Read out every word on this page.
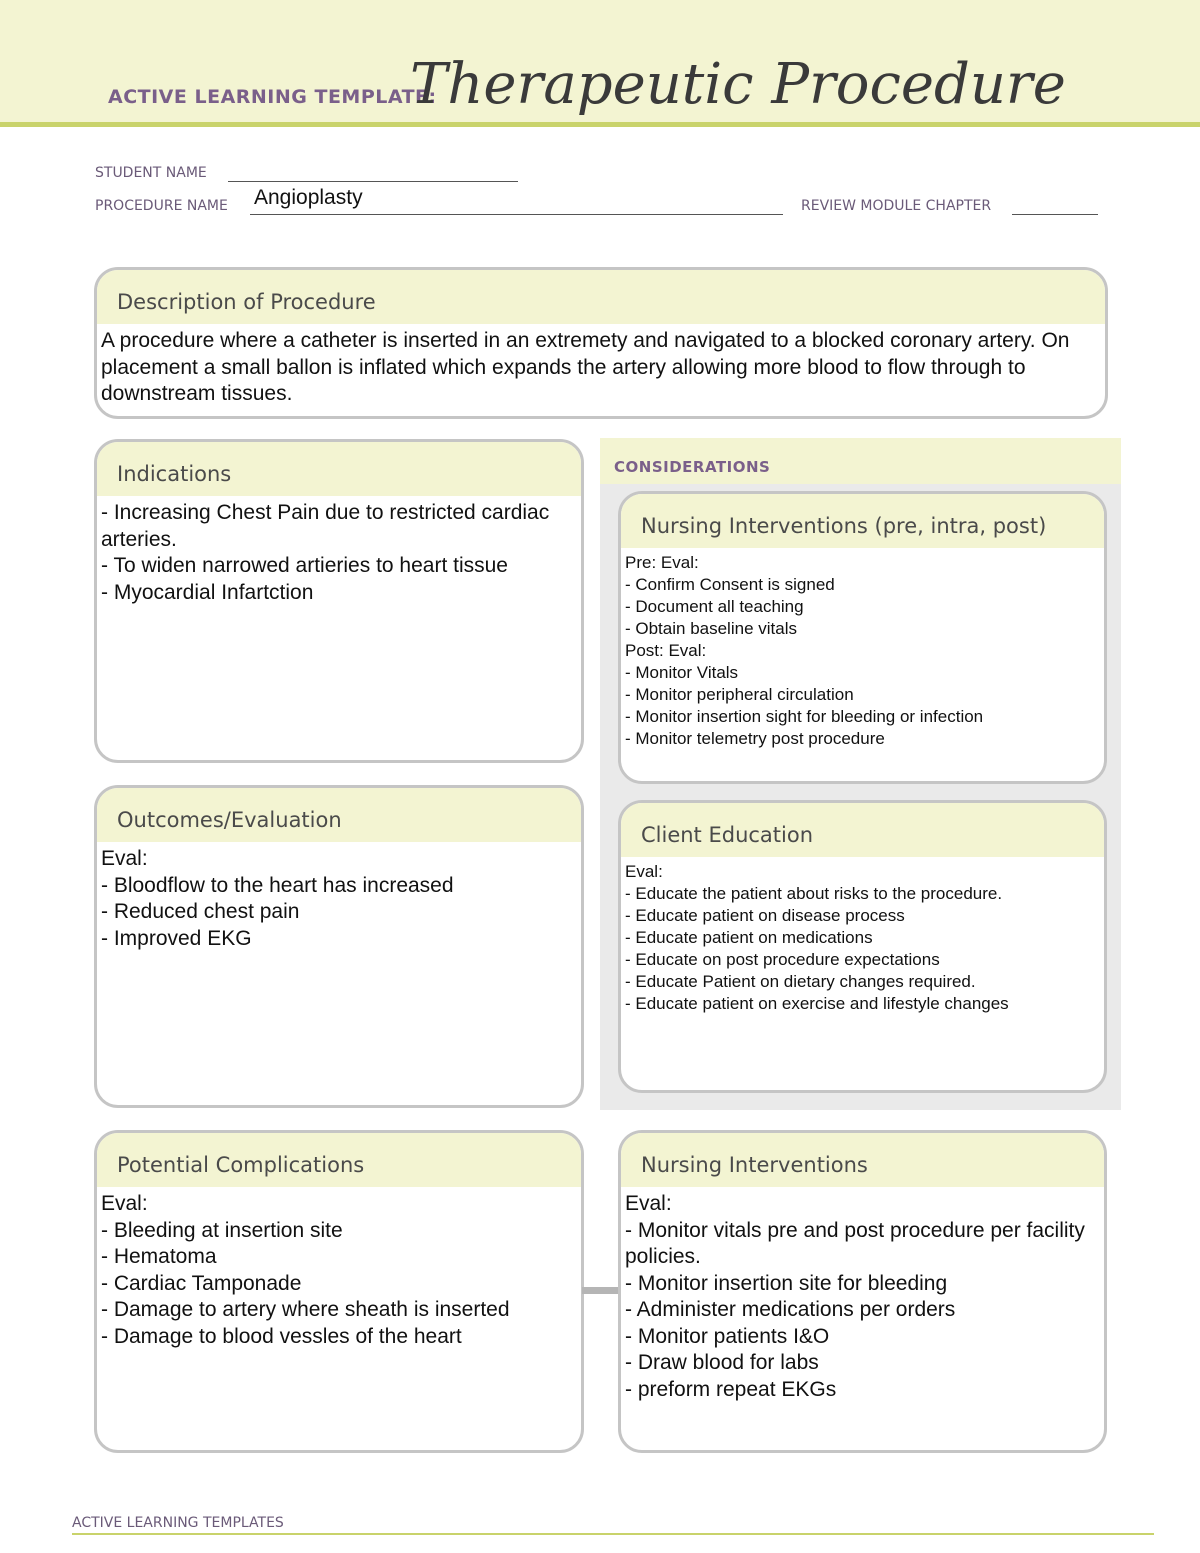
ACTIVE LEARNING TEMPLATE:
Therapeutic Procedure
STUDENT NAME
PROCEDURE NAME Angioplasty	REVIEW MODULE CHAPTER
Description of Procedure
A procedure where a catheter is inserted in an extremety and navigated to a blocked coronary artery. On placement a small ballon is inflated which expands the artery allowing more blood to flow through to downstream tissues.
Indications
- Increasing Chest Pain due to restricted cardiac arteries.
- To widen narrowed artieries to heart tissue
- Myocardial Infartction
Outcomes/Evaluation
Eval:
- Bloodflow to the heart has increased
- Reduced chest pain
- Improved EKG
CONSIDERATIONS
Nursing Interventions (pre, intra, post)
Pre: Eval:
- Confirm Consent is signed
- Document all teaching
- Obtain baseline vitals
Post: Eval:
- Monitor Vitals
- Monitor peripheral circulation
- Monitor insertion sight for bleeding or infection
- Monitor telemetry post procedure
Client Education
Eval:
- Educate the patient about risks to the procedure.
- Educate patient on disease process
- Educate patient on medications
- Educate on post procedure expectations
- Educate Patient on dietary changes required.
- Educate patient on exercise and lifestyle changes
Potential Complications
Eval:
- Bleeding at insertion site
- Hematoma
- Cardiac Tamponade
- Damage to artery where sheath is inserted
- Damage to blood vessles of the heart
Nursing Interventions
Eval:
- Monitor vitals pre and post procedure per facility policies.
- Monitor insertion site for bleeding
- Administer medications per orders
- Monitor patients I&O
- Draw blood for labs
- preform repeat EKGs
ACTIVE LEARNING TEMPLATES
